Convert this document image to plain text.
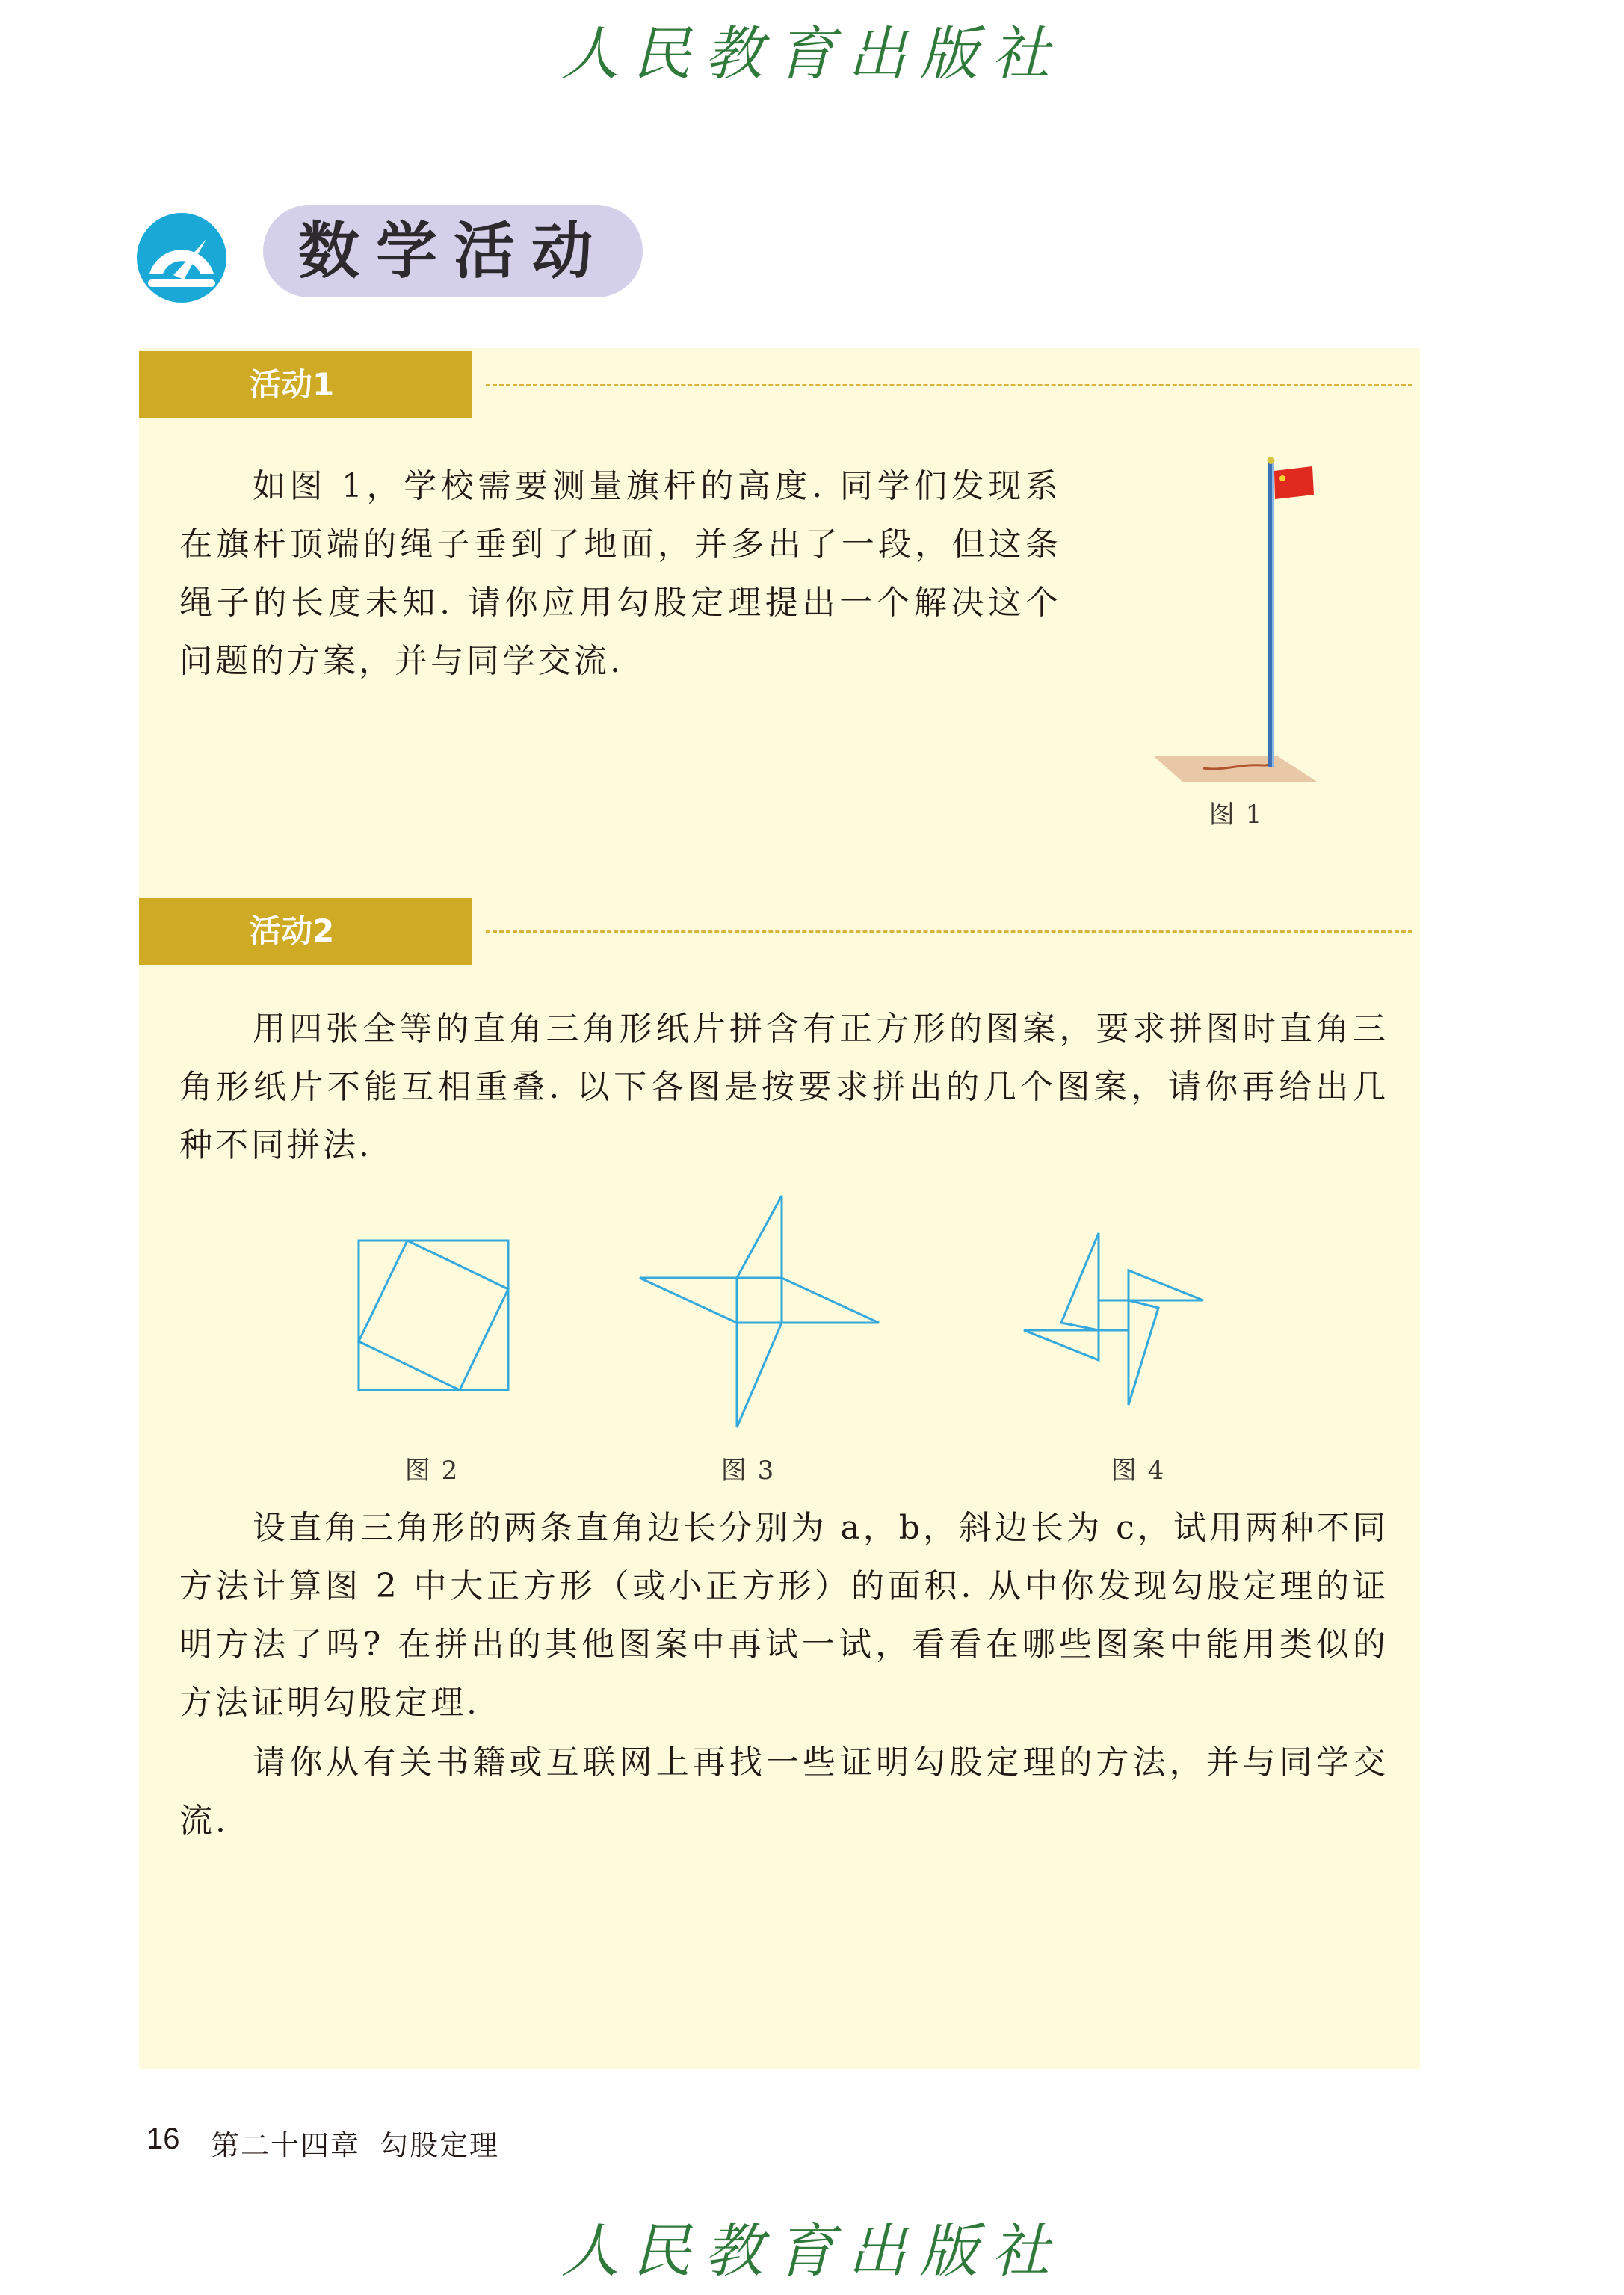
人民教育出版社
数学活动
活动1

如图 1，学校需要测量旗杆的高度. 同学们发现系在旗杆顶端的绳子垂到了地面，并多出了一段，但这条绳子的长度未知. 请你应用勾股定理提出一个解决这个问题的方案，并与同学交流.

图 1
活动2

用四张全等的直角三角形纸片拼含有正方形的图案，要求拼图时直角三角形纸片不能互相重叠. 以下各图是按要求拼出的几个图案，请你再给出几种不同拼法.

图 2	图 3	图 4

设直角三角形的两条直角边长分别为 a，b，斜边长为 c，试用两种不同方法计算图 2 中大正方形（或小正方形）的面积. 从中你发现勾股定理的证明方法了吗? 在拼出的其他图案中再试一试，看看在哪些图案中能用类似的方法证明勾股定理.

请你从有关书籍或互联网上再找一些证明勾股定理的方法，并与同学交流.

16 第二十四章 勾股定理
人民教育出版社
